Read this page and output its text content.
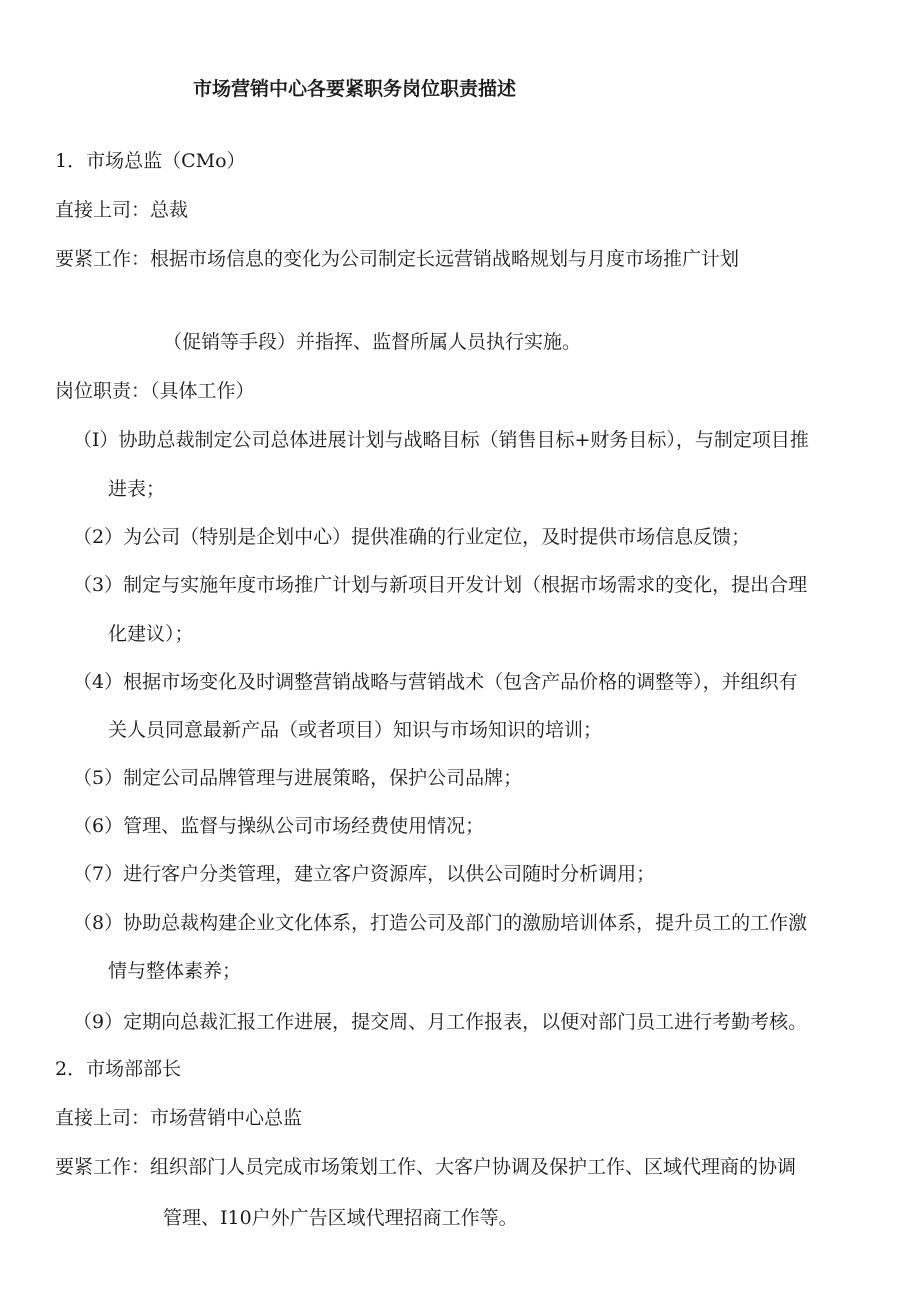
市场营销中心各要紧职务岗位职责描述
1．市场总监（CMo）
直接上司：总裁
要紧工作：根据市场信息的变化为公司制定长远营销战略规划与月度市场推广计划
（促销等手段）并指挥、监督所属人员执行实施。
岗位职责：（具体工作）
（I）协助总裁制定公司总体进展计划与战略目标（销售目标+财务目标），与制定项目推
进表；
（2）为公司（特别是企划中心）提供准确的行业定位，及时提供市场信息反馈；
（3）制定与实施年度市场推广计划与新项目开发计划（根据市场需求的变化，提出合理
化建议）；
（4）根据市场变化及时调整营销战略与营销战术（包含产品价格的调整等），并组织有
关人员同意最新产品（或者项目）知识与市场知识的培训；
（5）制定公司品牌管理与进展策略，保护公司品牌；
（6）管理、监督与操纵公司市场经费使用情况；
（7）进行客户分类管理，建立客户资源库，以供公司随时分析调用；
（8）协助总裁构建企业文化体系，打造公司及部门的激励培训体系，提升员工的工作激
情与整体素养；
（9）定期向总裁汇报工作进展，提交周、月工作报表，以便对部门员工进行考勤考核。
2．市场部部长
直接上司：市场营销中心总监
要紧工作：组织部门人员完成市场策划工作、大客户协调及保护工作、区域代理商的协调
管理、I10户外广告区域代理招商工作等。
